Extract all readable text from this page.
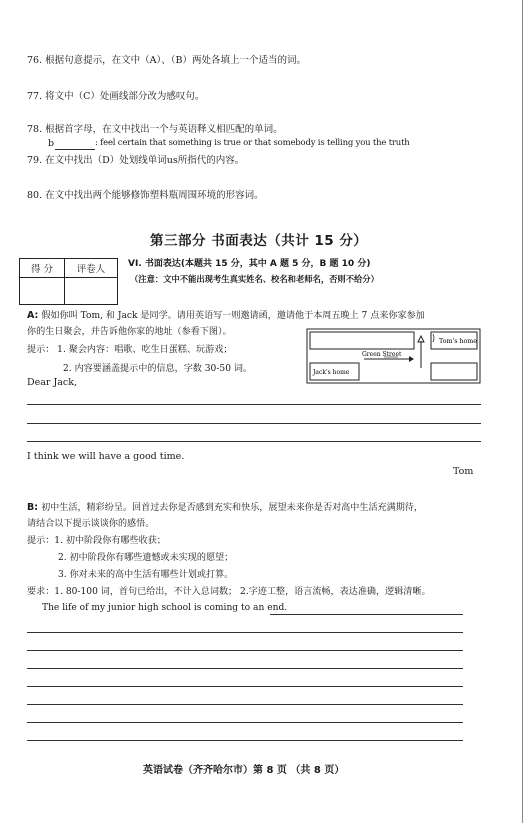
76. 根据句意提示，在文中（A）、（B）两处各填上一个适当的词。
77. 将文中（C）处画线部分改为感叹句。
78. 根据首字母，在文中找出一个与英语释义相匹配的单词。
b	: feel certain that something is true or that somebody is telling you the truth
79. 在文中找出（D）处划线单词us所指代的内容。
80. 在文中找出两个能够修饰塑料瓶周围环境的形容词。
第三部分 书面表达（共计 15 分）
得 分	评卷人
		VI. 书面表达(本题共 15 分，其中 A 题 5 分，B 题 10 分)
（注意：文中不能出现考生真实姓名、校名和老师名，否则不给分）
A: 假如你叫 Tom, 和 Jack 是同学。请用英语写一则邀请函，邀请他于本周五晚上 7 点来你家参加
你的生日聚会，并告诉他你家的地址（参看下图）。
提示： 1. 聚会内容：唱歌、吃生日蛋糕、玩游戏；
2. 内容要涵盖提示中的信息，字数 30-50 词。
Dear Jack,
Tom's home
Green Street
Jack's home
I think we will have a good time.
Tom
B: 初中生活，精彩纷呈。回首过去你是否感到充实和快乐，展望未来你是否对高中生活充满期待，
请结合以下提示谈谈你的感悟。
提示：1. 初中阶段你有哪些收获；
2. 初中阶段你有哪些遗憾或未实现的愿望；
3. 你对未来的高中生活有哪些计划或打算。
要求：1. 80-100 词，首句已给出，不计入总词数； 2.字迹工整，语言流畅，表达准确，逻辑清晰。
The life of my junior high school is coming to an end.
英语试卷（齐齐哈尔市）第 8 页 （共 8 页）
